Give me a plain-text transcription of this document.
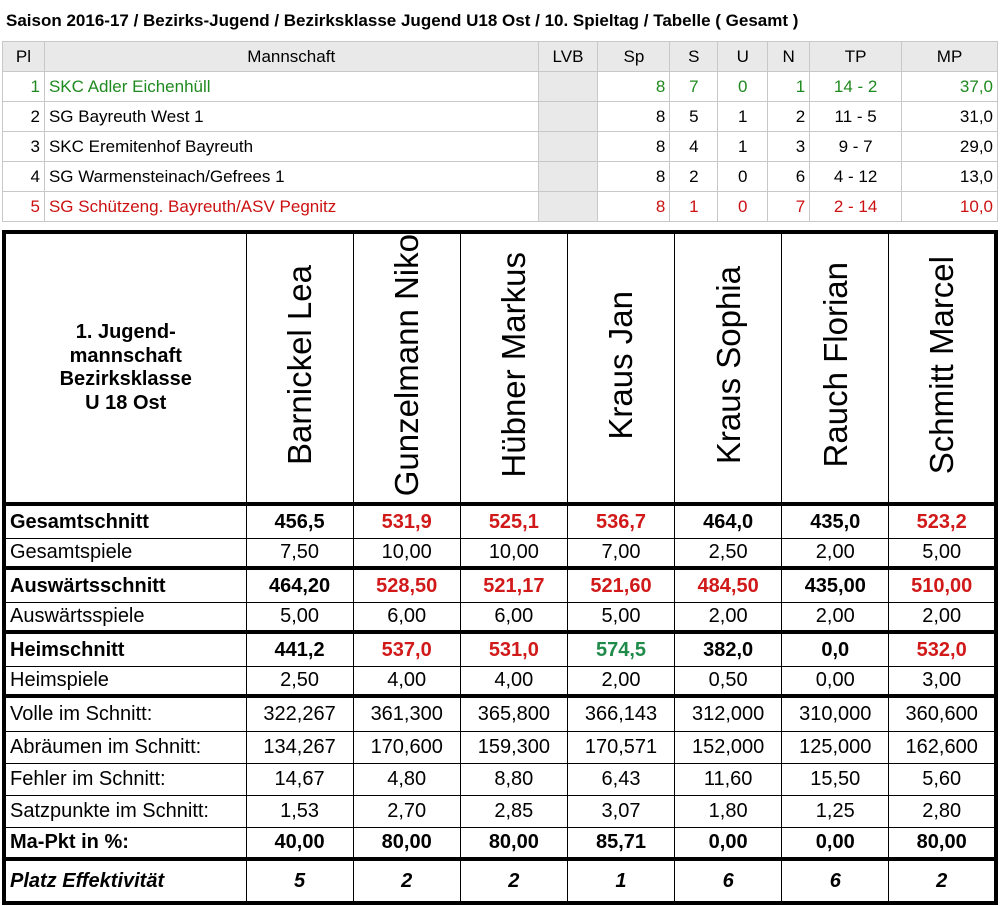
Saison 2016-17 / Bezirks-Jugend / Bezirksklasse Jugend U18 Ost / 10. Spieltag / Tabelle ( Gesamt )
Pl	Mannschaft	LVB	Sp	S	U	N	TP	MP
1	SKC Adler Eichenhüll		8	7	0	1	14 - 2	37,0
2	SG Bayreuth West 1		8	5	1	2	11 - 5	31,0
3	SKC Eremitenhof Bayreuth		8	4	1	3	9 - 7	29,0
4	SG Warmensteinach/Gefrees 1		8	2	0	6	4 - 12	13,0
5	SG Schützeng. Bayreuth/ASV Pegnitz		8	1	0	7	2 - 14	10,0
1. Jugend-
mannschaft
Bezirksklasse
U 18 Ost	Barnickel Lea	Gunzelmann Niko	Hübner Markus	Kraus Jan	Kraus Sophia	Rauch Florian	Schmitt Marcel
Gesamtschnitt	456,5	531,9	525,1	536,7	464,0	435,0	523,2
Gesamtspiele	7,50	10,00	10,00	7,00	2,50	2,00	5,00
Auswärtsschnitt	464,20	528,50	521,17	521,60	484,50	435,00	510,00
Auswärtsspiele	5,00	6,00	6,00	5,00	2,00	2,00	2,00
Heimschnitt	441,2	537,0	531,0	574,5	382,0	0,0	532,0
Heimspiele	2,50	4,00	4,00	2,00	0,50	0,00	3,00
Volle im Schnitt:	322,267	361,300	365,800	366,143	312,000	310,000	360,600
Abräumen im Schnitt:	134,267	170,600	159,300	170,571	152,000	125,000	162,600
Fehler im Schnitt:	14,67	4,80	8,80	6,43	11,60	15,50	5,60
Satzpunkte im Schnitt:	1,53	2,70	2,85	3,07	1,80	1,25	2,80
Ma-Pkt in %:	40,00	80,00	80,00	85,71	0,00	0,00	80,00
Platz Effektivität	5	2	2	1	6	6	2
